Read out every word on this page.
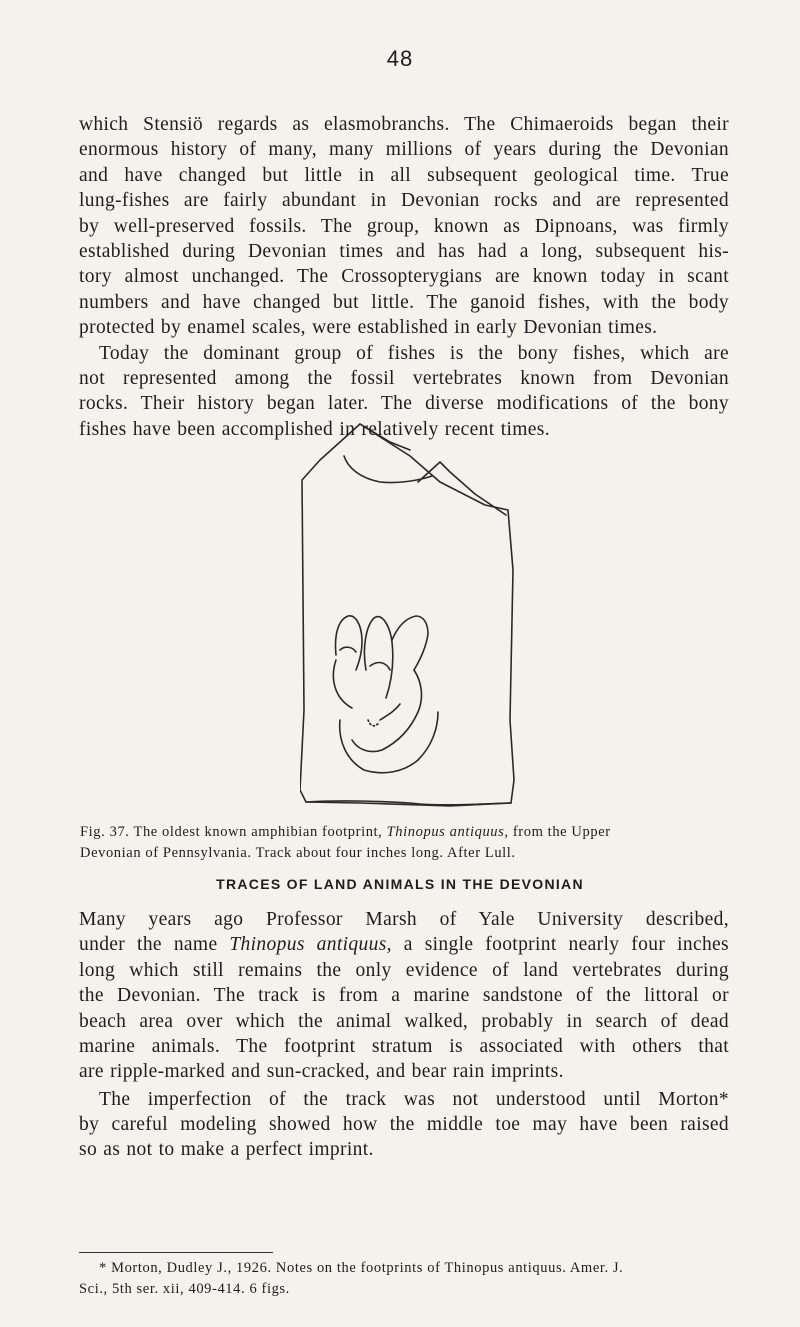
48

which Stensiö regards as elasmobranchs. The Chimaeroids began their
enormous history of many, many millions of years during the Devonian
and have changed but little in all subsequent geological time. True
lung-fishes are fairly abundant in Devonian rocks and are represented
by well-preserved fossils. The group, known as Dipnoans, was firmly
established during Devonian times and has had a long, subsequent his-
tory almost unchanged. The Crossopterygians are known today in scant
numbers and have changed but little. The ganoid fishes, with the body
protected by enamel scales, were established in early Devonian times.

Today the dominant group of fishes is the bony fishes, which are
not represented among the fossil vertebrates known from Devonian
rocks. Their history began later. The diverse modifications of the bony
fishes have been accomplished in relatively recent times.

Fig. 37. The oldest known amphibian footprint, Thinopus antiquus, from the Upper
Devonian of Pennsylvania. Track about four inches long. After Lull.
TRACES OF LAND ANIMALS IN THE DEVONIAN

Many years ago Professor Marsh of Yale University described,
under the name Thinopus antiquus, a single footprint nearly four inches
long which still remains the only evidence of land vertebrates during
the Devonian. The track is from a marine sandstone of the littoral or
beach area over which the animal walked, probably in search of dead
marine animals. The footprint stratum is associated with others that
are ripple-marked and sun-cracked, and bear rain imprints.

The imperfection of the track was not understood until Morton*
by careful modeling showed how the middle toe may have been raised
so as not to make a perfect imprint.

* Morton, Dudley J., 1926. Notes on the footprints of Thinopus antiquus. Amer. J.
Sci., 5th ser. xii, 409-414. 6 figs.
